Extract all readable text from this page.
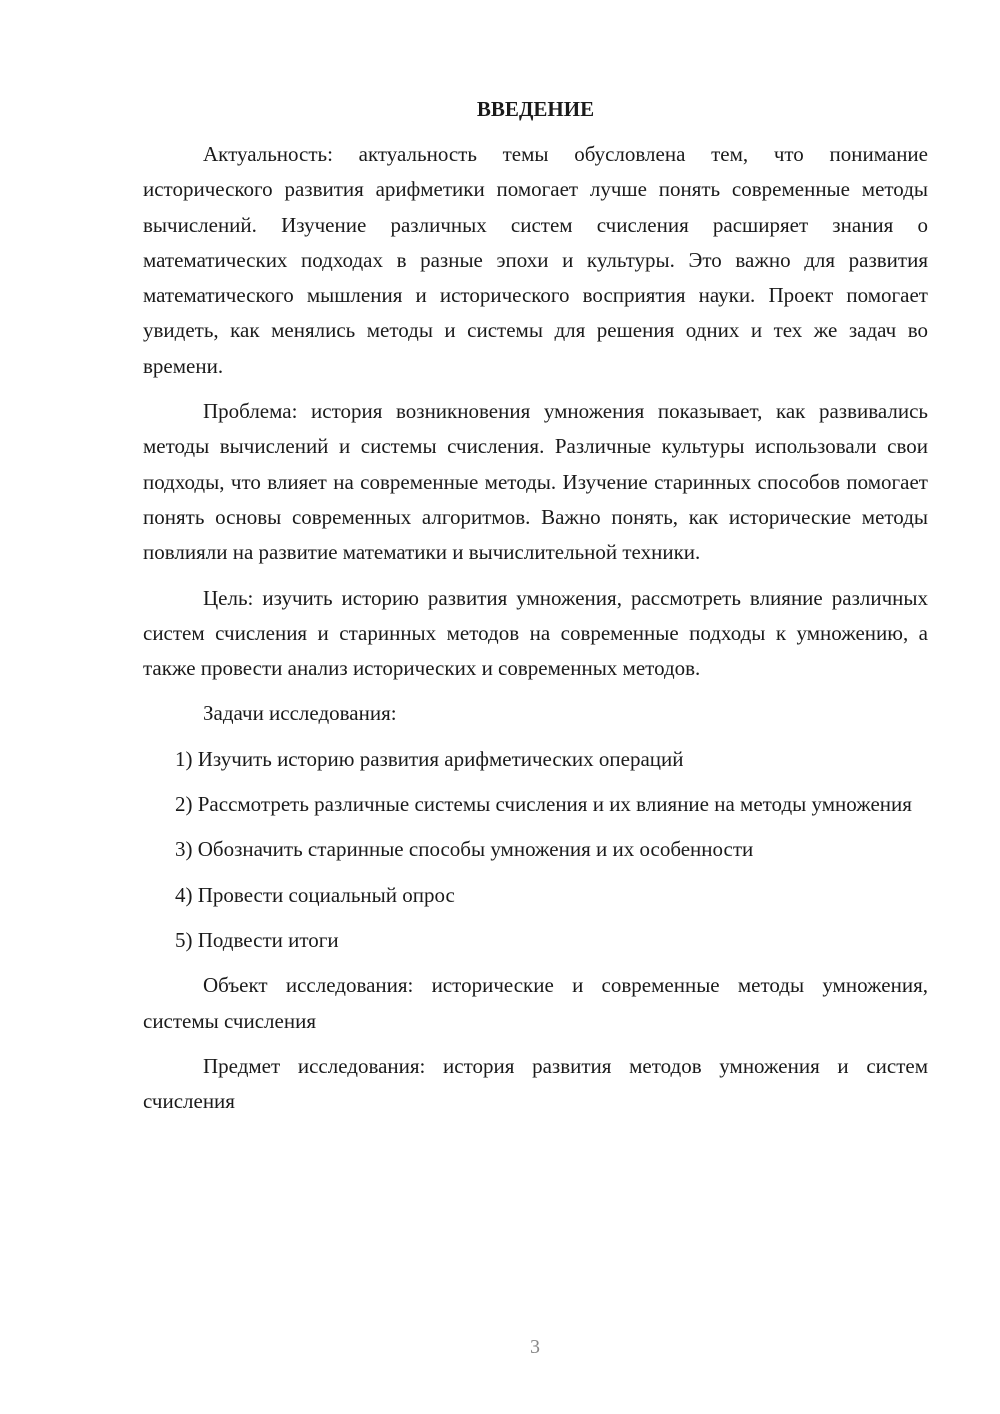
ВВЕДЕНИЕ

Актуальность: актуальность темы обусловлена тем, что понимание исторического развития арифметики помогает лучше понять современные методы вычислений. Изучение различных систем счисления расширяет знания о математических подходах в разные эпохи и культуры. Это важно для развития математического мышления и исторического восприятия науки. Проект помогает увидеть, как менялись методы и системы для решения одних и тех же задач во времени.

Проблема: история возникновения умножения показывает, как развивались методы вычислений и системы счисления. Различные культуры использовали свои подходы, что влияет на современные методы. Изучение старинных способов помогает понять основы современных алгоритмов. Важно понять, как исторические методы повлияли на развитие математики и вычислительной техники.

Цель: изучить историю развития умножения, рассмотреть влияние различных систем счисления и старинных методов на современные подходы к умножению, а также провести анализ исторических и современных методов.

Задачи исследования:

1) Изучить историю развития арифметических операций

2) Рассмотреть различные системы счисления и их влияние на методы умножения

3) Обозначить старинные способы умножения и их особенности

4) Провести социальный опрос

5) Подвести итоги

Объект исследования: исторические и современные методы умножения, системы счисления

Предмет исследования: история развития методов умножения и систем счисления

3
